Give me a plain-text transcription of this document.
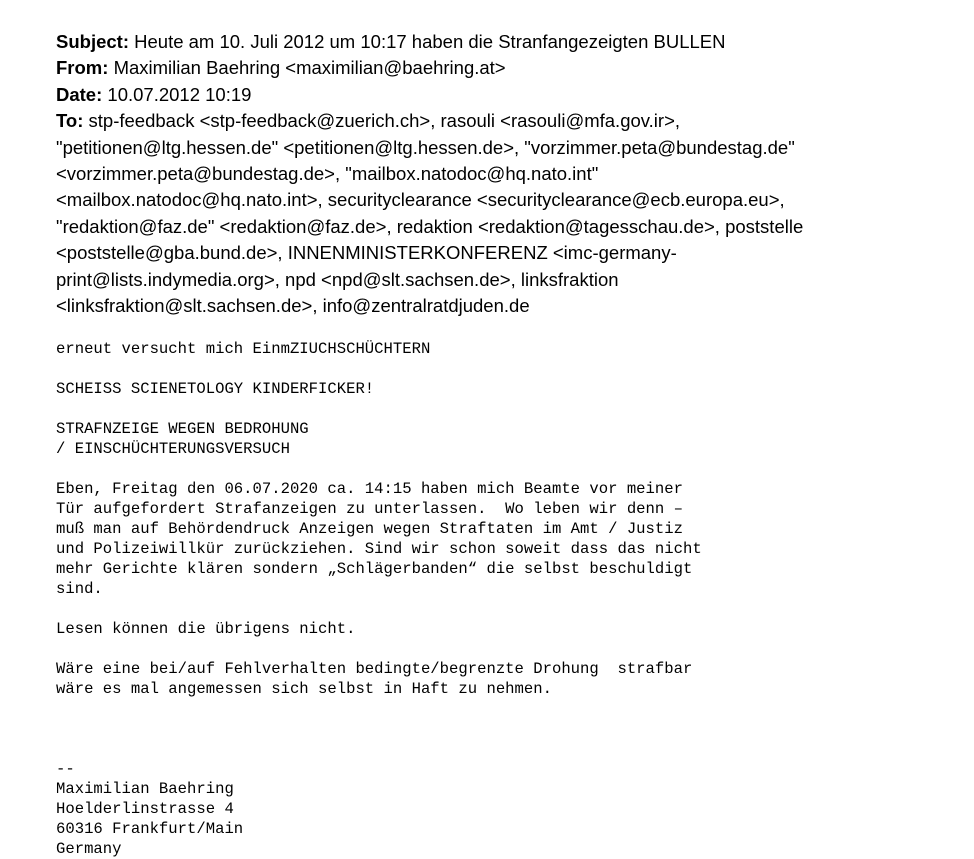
Subject: Heute am 10. Juli 2012 um 10:17 haben die Stranfangezeigten BULLEN

From: Maximilian Baehring <maximilian@baehring.at>

Date: 10.07.2012 10:19

To: stp-feedback <stp-feedback@zuerich.ch>, rasouli <rasouli@mfa.gov.ir>,
"petitionen@ltg.hessen.de" <petitionen@ltg.hessen.de>, "vorzimmer.peta@bundestag.de"
<vorzimmer.peta@bundestag.de>, "mailbox.natodoc@hq.nato.int"
<mailbox.natodoc@hq.nato.int>, securityclearance <securityclearance@ecb.europa.eu>,
"redaktion@faz.de" <redaktion@faz.de>, redaktion <redaktion@tagesschau.de>, poststelle
<poststelle@gba.bund.de>, INNENMINISTERKONFERENZ <imc-germany-
print@lists.indymedia.org>, npd <npd@slt.sachsen.de>, linksfraktion
<linksfraktion@slt.sachsen.de>, info@zentralratdjuden.de

erneut versucht mich EinmZIUCHSCHÜCHTERN

SCHEISS SCIENETOLOGY KINDERFICKER!

STRAFNZEIGE WEGEN BEDROHUNG
/ EINSCHÜCHTERUNGSVERSUCH

Eben, Freitag den 06.07.2020 ca. 14:15 haben mich Beamte vor meiner
Tür aufgefordert Strafanzeigen zu unterlassen.  Wo leben wir denn –
muß man auf Behördendruck Anzeigen wegen Straftaten im Amt / Justiz
und Polizeiwillkür zurückziehen. Sind wir schon soweit dass das nicht
mehr Gerichte klären sondern „Schlägerbanden“ die selbst beschuldigt
sind.

Lesen können die übrigens nicht.

Wäre eine bei/auf Fehlverhalten bedingte/begrenzte Drohung  strafbar
wäre es mal angemessen sich selbst in Haft zu nehmen.

--
Maximilian Baehring
Hoelderlinstrasse 4
60316 Frankfurt/Main
Germany
